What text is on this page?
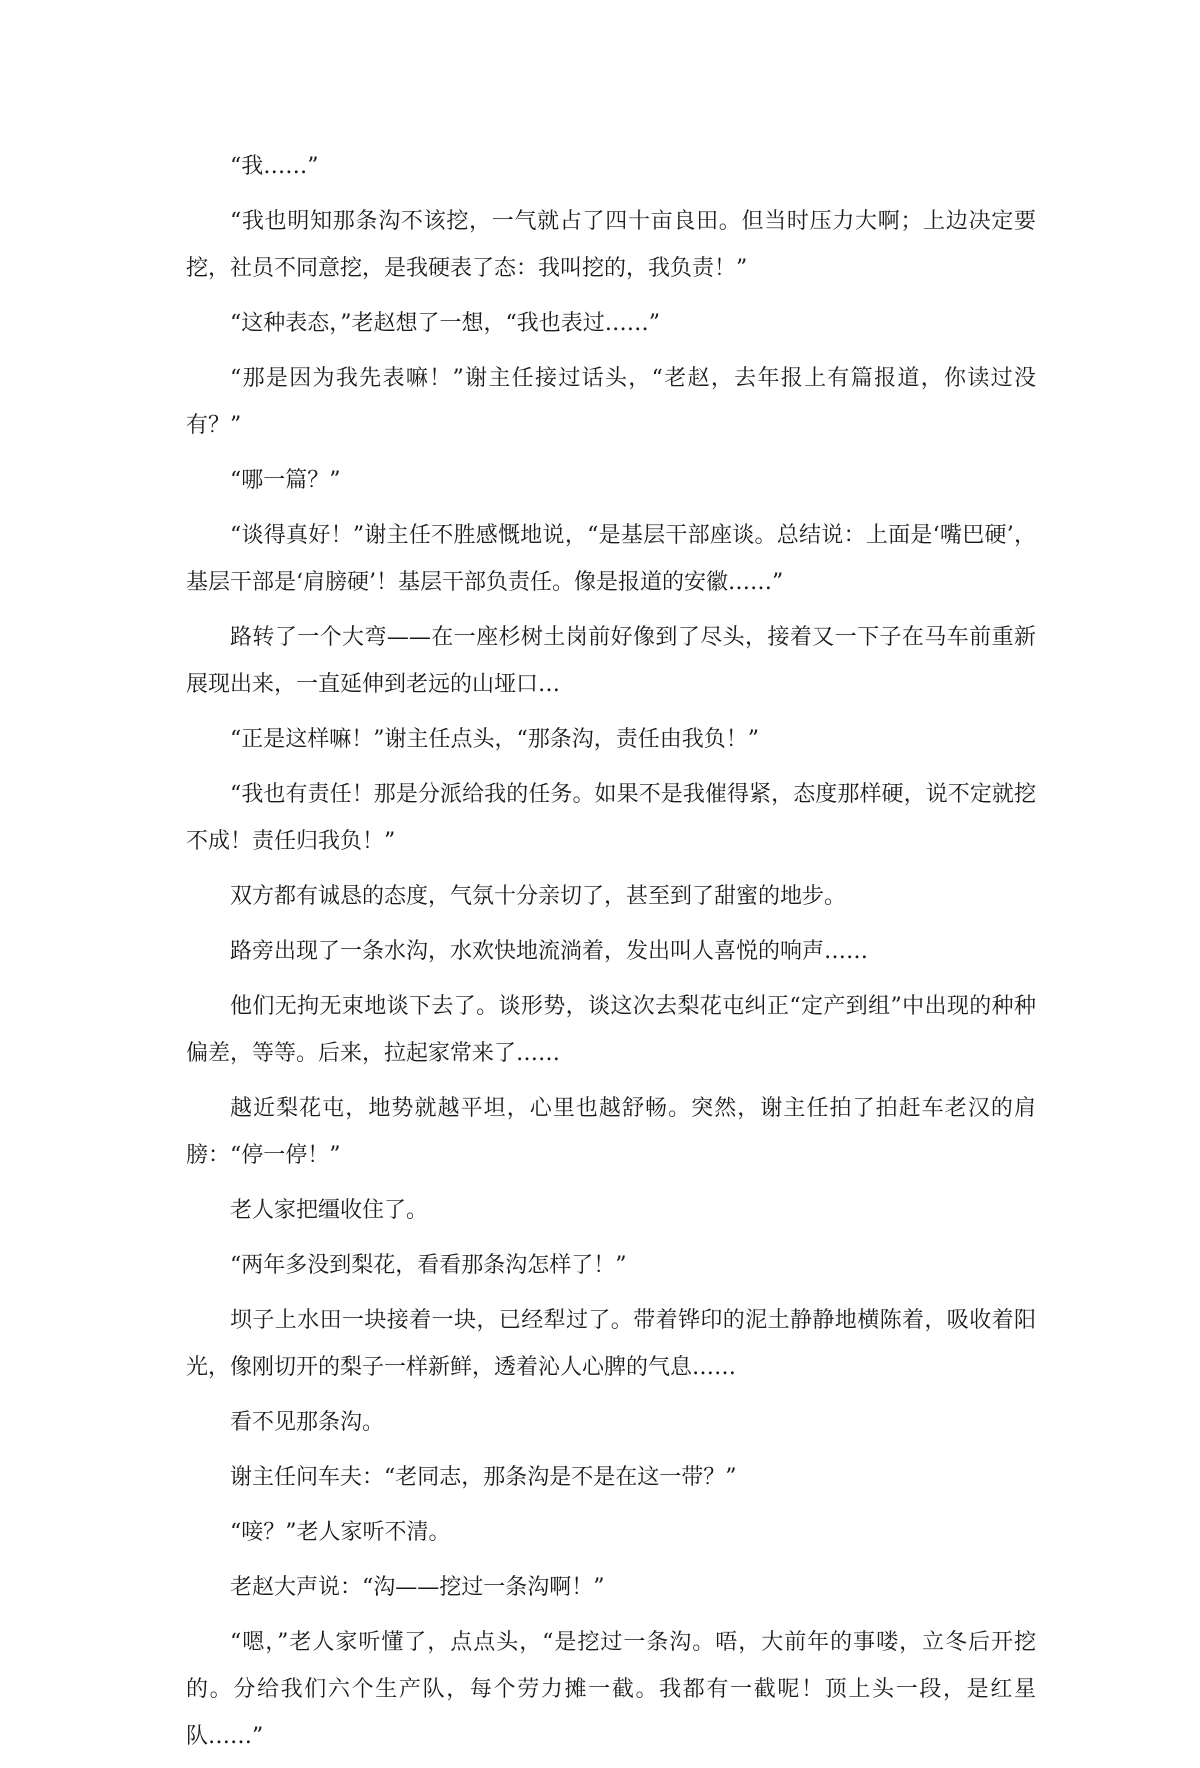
“我……”

“我也明知那条沟不该挖，一气就占了四十亩良田。但当时压力大啊；上边决定要挖，社员不同意挖，是我硬表了态：我叫挖的，我负责！”

“这种表态，”老赵想了一想，“我也表过……”

“那是因为我先表嘛！”谢主任接过话头，“老赵，去年报上有篇报道，你读过没有？”

“哪一篇？”

“谈得真好！”谢主任不胜感慨地说，“是基层干部座谈。总结说：上面是‘嘴巴硬’，基层干部是‘肩膀硬’！基层干部负责任。像是报道的安徽……”

路转了一个大弯——在一座杉树土岗前好像到了尽头，接着又一下子在马车前重新展现出来，一直延伸到老远的山垭口…

“正是这样嘛！”谢主任点头，“那条沟，责任由我负！”

“我也有责任！那是分派给我的任务。如果不是我催得紧，态度那样硬，说不定就挖不成！责任归我负！”

双方都有诚恳的态度，气氛十分亲切了，甚至到了甜蜜的地步。

路旁出现了一条水沟，水欢快地流淌着，发出叫人喜悦的响声……

他们无拘无束地谈下去了。谈形势，谈这次去梨花屯纠正“定产到组”中出现的种种偏差，等等。后来，拉起家常来了……

越近梨花屯，地势就越平坦，心里也越舒畅。突然，谢主任拍了拍赶车老汉的肩膀：“停一停！”

老人家把缰收住了。

“两年多没到梨花，看看那条沟怎样了！”

坝子上水田一块接着一块，已经犁过了。带着铧印的泥土静静地横陈着，吸收着阳光，像刚切开的梨子一样新鲜，透着沁人心脾的气息……

看不见那条沟。

谢主任问车夫：“老同志，那条沟是不是在这一带？”

“唼？”老人家听不清。

老赵大声说：“沟——挖过一条沟啊！”

“嗯，”老人家听懂了，点点头，“是挖过一条沟。唔，大前年的事喽，立冬后开挖的。分给我们六个生产队，每个劳力摊一截。我都有一截呢！顶上头一段，是红星队……”
